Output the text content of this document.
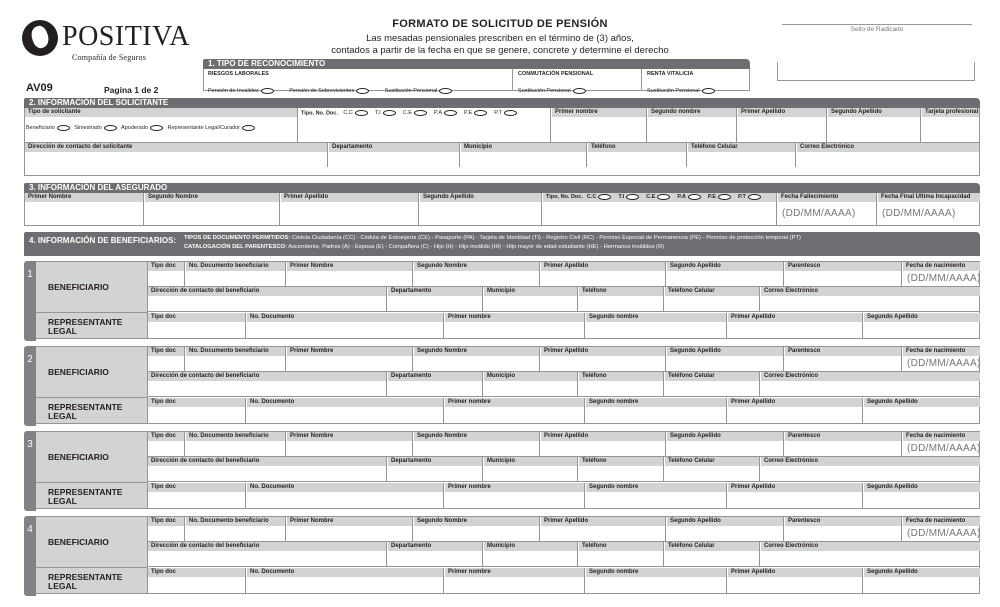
POSITIVA
Compañía de Seguros
FORMATO DE SOLICITUD DE PENSIÓN
Las mesadas pensionales prescriben en el término de (3) años,
contados a partir de la fecha en que se genere, concrete y determine el derecho
AV09	Pagina 1 de 2
Sello de Radicado
1. TIPO DE RECONOCIMIENTO
RIESGOS LABORALES
Pensión de Invalidez	Pensión de Sobrevivientes	Sustitución Pensional
CONMUTACIÓN PENSIONAL
Sustitución Pensional
RENTA VITALICIA
Sustitución Pensional
2. INFORMACIÓN DEL SOLICITANTE
Tipo de solicitante
Beneficiario	Siniestrado	Apoderado	Representante Legal/Curador
Tipo, No. Doc. C.C	T.I	C.E	P.A	P.E	P.T	Primer nombre	Segundo nombre	Primer Apellido	Segundo Apellido	Tarjeta profesional
Dirección de contacto del solicitante	Departamento	Municipio	Teléfono	Teléfono Celular	Correo Electrónico
3. INFORMACIÓN DEL ASEGURADO
Primer Nombre	Segundo Nombre	Primer Apellido	Segundo Apellido	Tipo, No. Doc. C.C	T.I	C.E	P.A	P.E	P.T	Fecha Fallecimiento
(DD/MM/AAAA)	Fecha Final Última Incapacidad
(DD/MM/AAAA)
4. INFORMACIÓN DE BENEFICIARIOS: TIPOS DE DOCUMENTO PERMITIDOS: Cédula Ciudadanía (CC) - Cédula de Extranjería (CE) - Pasaporte (PA) - Tarjeta de Identidad (TI) - Registro Civil (RC) - Permiso Especial de Permanencia (PE) - Permiso de protección temporal (PT)
CATALOGACIÓN DEL PARENTESCO: Ascendente, Padres (A) - Esposa (E) - Compañera (C) - Hijo (H) - Hijo inválido (HI) - Hijo mayor de edad estudiante (HE) - Hermanos inválidos (R)
1
BENEFICIARIO
REPRESENTANTE LEGAL
Tipo doc	No. Documento beneficiario	Primer Nombre	Segundo Nombre	Primer Apellido	Segundo Apellido	Parentesco	Fecha de nacimiento
(DD/MM/AAAA)
Dirección de contacto del beneficiario	Departamento	Municipio	Teléfono	Teléfono Celular	Correo Electrónico
Tipo doc	No. Documento	Primer nombre	Segundo nombre	Primer Apellido	Segundo Apellido
2
BENEFICIARIO
REPRESENTANTE LEGAL
Tipo doc	No. Documento beneficiario	Primer Nombre	Segundo Nombre	Primer Apellido	Segundo Apellido	Parentesco	Fecha de nacimiento
(DD/MM/AAAA)
Dirección de contacto del beneficiario	Departamento	Municipio	Teléfono	Teléfono Celular	Correo Electrónico
Tipo doc	No. Documento	Primer nombre	Segundo nombre	Primer Apellido	Segundo Apellido
3
BENEFICIARIO
REPRESENTANTE LEGAL
Tipo doc	No. Documento beneficiario	Primer Nombre	Segundo Nombre	Primer Apellido	Segundo Apellido	Parentesco	Fecha de nacimiento
(DD/MM/AAAA)
Dirección de contacto del beneficiario	Departamento	Municipio	Teléfono	Teléfono Celular	Correo Electrónico
Tipo doc	No. Documento	Primer nombre	Segundo nombre	Primer Apellido	Segundo Apellido
4
BENEFICIARIO
REPRESENTANTE LEGAL
Tipo doc	No. Documento beneficiario	Primer Nombre	Segundo Nombre	Primer Apellido	Segundo Apellido	Parentesco	Fecha de nacimiento
(DD/MM/AAAA)
Dirección de contacto del beneficiario	Departamento	Municipio	Teléfono	Teléfono Celular	Correo Electrónico
Tipo doc	No. Documento	Primer nombre	Segundo nombre	Primer Apellido	Segundo Apellido
